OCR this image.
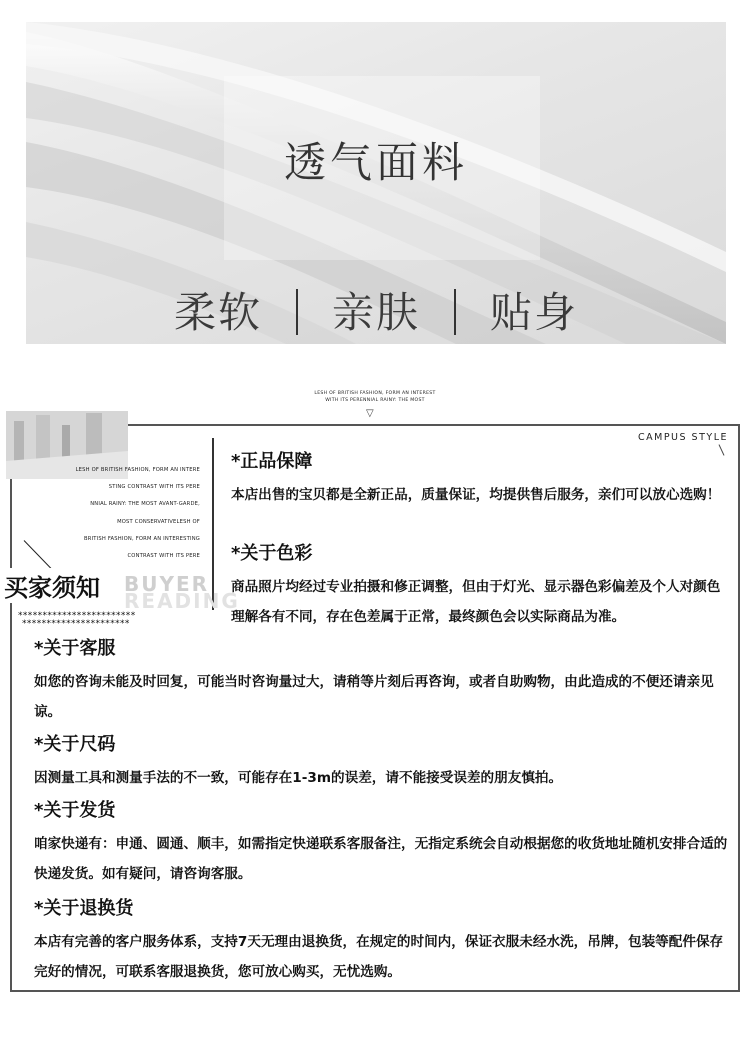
透气面料
柔软 亲肤 贴身
LESH OF BRITISH FASHION, FORM AN INTEREST
WITH ITS PERENNIAL RAINY: THE MOST
▽
CAMPUS STYLE
LESH OF BRITISH FASHION, FORM AN INTERE
STING CONTRAST WITH ITS PERE
NNIAL RAINY: THE MOST AVANT-GARDE,
MOST CONSERVATIVELESH OF
BRITISH FASHION, FORM AN INTERESTING
CONTRAST WITH ITS PERE
BUYER
READING
买家须知
************************
**********************
*正品保障

本店出售的宝贝都是全新正品，质量保证，均提供售后服务，亲们可以放心选购！

*关于色彩

商品照片均经过专业拍摄和修正调整，但由于灯光、显示器色彩偏差及个人对颜色理解各有不同，存在色差属于正常，最终颜色会以实际商品为准。

*关于客服

如您的咨询未能及时回复，可能当时咨询量过大，请稍等片刻后再咨询，或者自助购物，由此造成的不便还请亲见谅。

*关于尺码

因测量工具和测量手法的不一致，可能存在1-3m的误差，请不能接受误差的朋友慎拍。

*关于发货

咱家快递有：申通、圆通、顺丰，如需指定快递联系客服备注，无指定系统会自动根据您的收货地址随机安排合适的快递发货。如有疑问，请咨询客服。

*关于退换货

本店有完善的客户服务体系，支持7天无理由退换货，在规定的时间内，保证衣服未经水洗，吊牌，包装等配件保存完好的情况，可联系客服退换货，您可放心购买，无忧选购。
